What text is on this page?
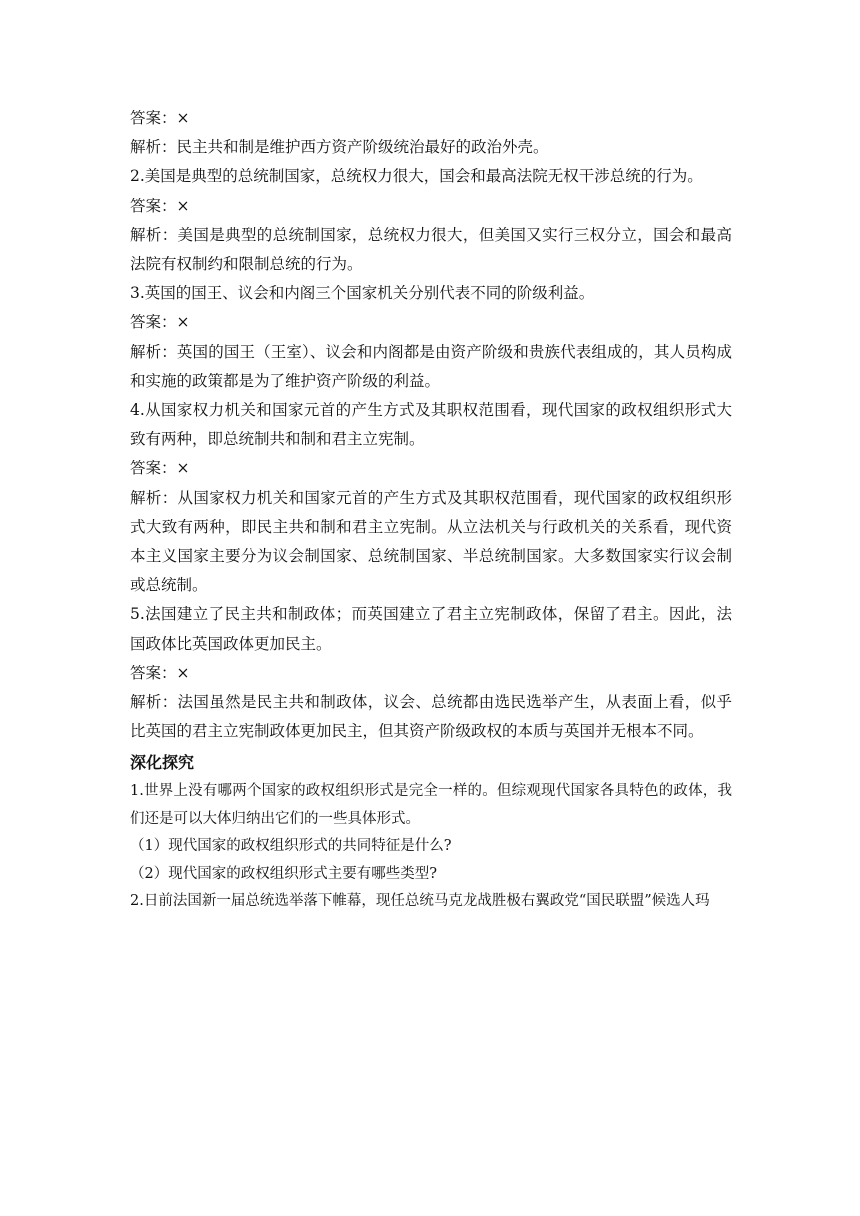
答案：×

解析：民主共和制是维护西方资产阶级统治最好的政治外壳。

2.美国是典型的总统制国家，总统权力很大，国会和最高法院无权干涉总统的行为。

答案：×

解析：美国是典型的总统制国家，总统权力很大，但美国又实行三权分立，国会和最高法院有权制约和限制总统的行为。

3.英国的国王、议会和内阁三个国家机关分别代表不同的阶级利益。

答案：×

解析：英国的国王（王室）、议会和内阁都是由资产阶级和贵族代表组成的，其人员构成和实施的政策都是为了维护资产阶级的利益。

4.从国家权力机关和国家元首的产生方式及其职权范围看，现代国家的政权组织形式大致有两种，即总统制共和制和君主立宪制。

答案：×

解析：从国家权力机关和国家元首的产生方式及其职权范围看，现代国家的政权组织形式大致有两种，即民主共和制和君主立宪制。从立法机关与行政机关的关系看，现代资本主义国家主要分为议会制国家、总统制国家、半总统制国家。大多数国家实行议会制或总统制。

5.法国建立了民主共和制政体；而英国建立了君主立宪制政体，保留了君主。因此，法国政体比英国政体更加民主。

答案：×

解析：法国虽然是民主共和制政体，议会、总统都由选民选举产生，从表面上看，似乎比英国的君主立宪制政体更加民主，但其资产阶级政权的本质与英国并无根本不同。

深化探究

1.世界上没有哪两个国家的政权组织形式是完全一样的。但综观现代国家各具特色的政体，我们还是可以大体归纳出它们的一些具体形式。

（1）现代国家的政权组织形式的共同特征是什么?

（2）现代国家的政权组织形式主要有哪些类型?

2.日前法国新一届总统选举落下帷幕，现任总统马克龙战胜极右翼政党“国民联盟”候选人玛
